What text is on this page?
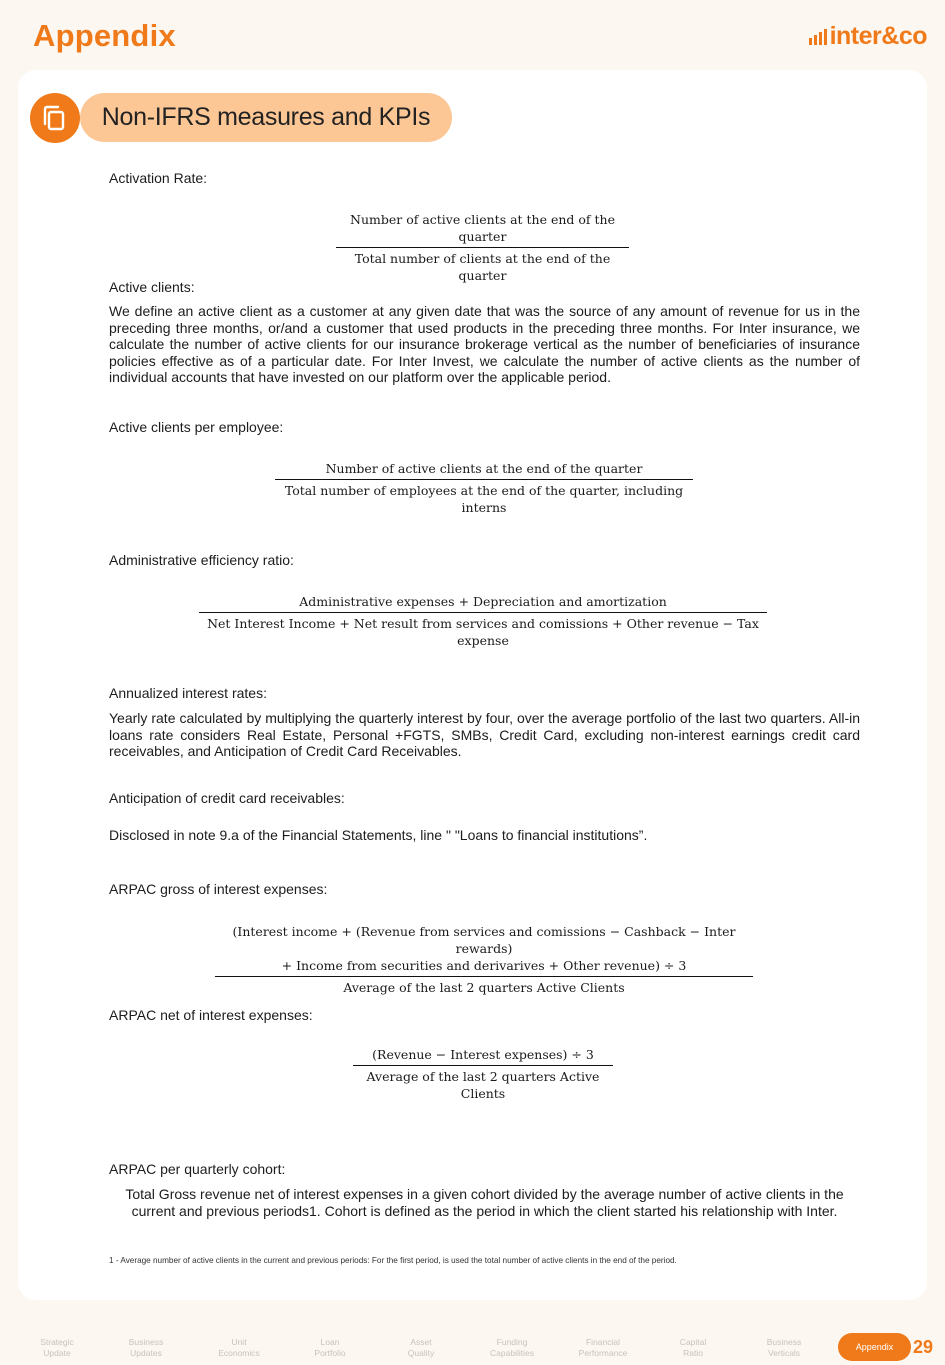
Appendix	inter&co
Non-IFRS measures and KPIs
Activation Rate:
Number of active clients at the end of the quarter
Total number of clients at the end of the quarter
Active clients:
We define an active client as a customer at any given date that was the source of any amount of revenue for us in the preceding three months, or/and a customer that used products in the preceding three months. For Inter insurance, we calculate the number of active clients for our insurance brokerage vertical as the number of beneficiaries of insurance policies effective as of a particular date. For Inter Invest, we calculate the number of active clients as the number of individual accounts that have invested on our platform over the applicable period.
Active clients per employee:
Number of active clients at the end of the quarter
Total number of employees at the end of the quarter, including interns
Administrative efficiency ratio:
Administrative expenses + Depreciation and amortization
Net Interest Income + Net result from services and comissions + Other revenue − Tax expense
Annualized interest rates:
Yearly rate calculated by multiplying the quarterly interest by four, over the average portfolio of the last two quarters. All-in loans rate considers Real Estate, Personal +FGTS, SMBs, Credit Card, excluding non-interest earnings credit card receivables, and Anticipation of Credit Card Receivables.
Anticipation of credit card receivables:
Disclosed in note 9.a of the Financial Statements, line " "Loans to financial institutions”.
ARPAC gross of interest expenses:
(Interest income + (Revenue from services and comissions − Cashback − Inter rewards)
+ Income from securities and derivarives + Other revenue) ÷ 3
Average of the last 2 quarters Active Clients
ARPAC net of interest expenses:
(Revenue − Interest expenses) ÷ 3
Average of the last 2 quarters Active Clients
ARPAC per quarterly cohort:
Total Gross revenue net of interest expenses in a given cohort divided by the average number of active clients in the current and previous periods1. Cohort is defined as the period in which the client started his relationship with Inter.
1 - Average number of active clients in the current and previous periods: For the first period, is used the total number of active clients in the end of the period.
Strategic
Update
Business
Updates
Unit
Economics
Loan
Portfolio
Asset
Quality
Funding
Capabilities
Financial
Performance
Capital
Ratio
Business
Verticals
Appendix	29
